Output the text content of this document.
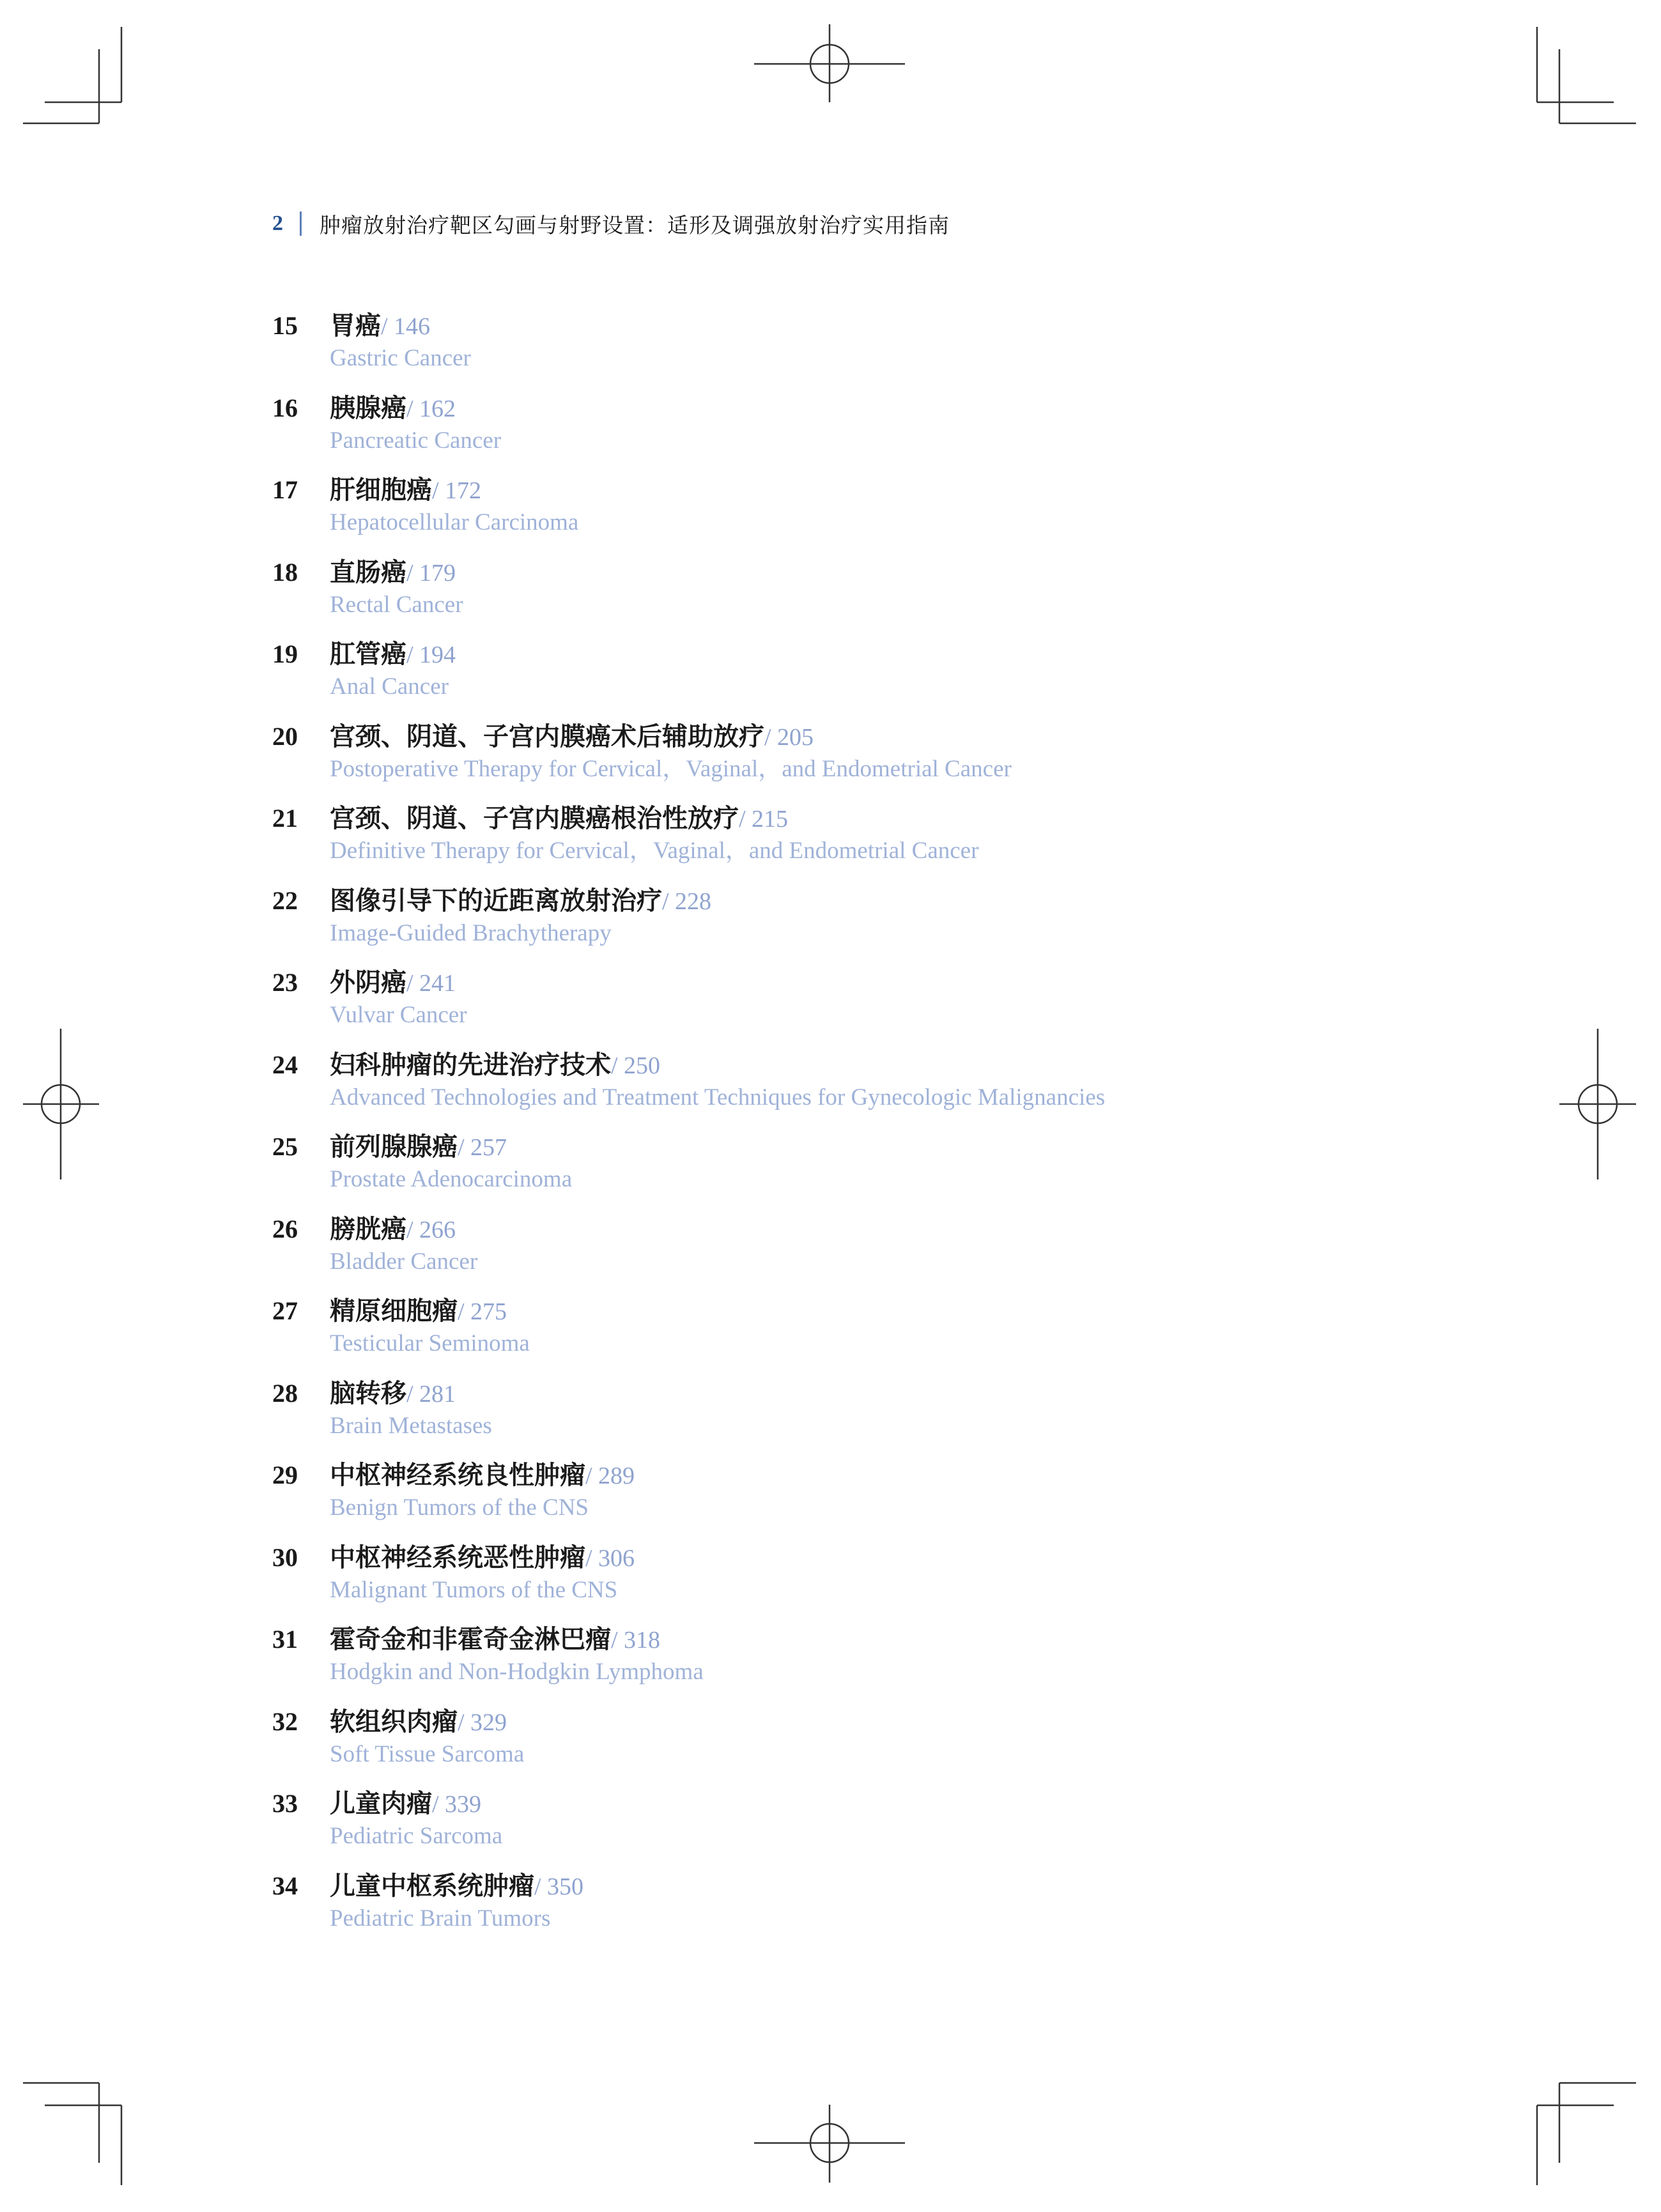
2 肿瘤放射治疗靶区勾画与射野设置：适形及调强放射治疗实用指南
15 胃癌/ 146
Gastric Cancer
16 胰腺癌/ 162
Pancreatic Cancer
17 肝细胞癌/ 172
Hepatocellular Carcinoma
18 直肠癌/ 179
Rectal Cancer
19 肛管癌/ 194
Anal Cancer
20 宫颈、阴道、子宫内膜癌术后辅助放疗/ 205
Postoperative Therapy for Cervical，Vaginal，and Endometrial Cancer
21 宫颈、阴道、子宫内膜癌根治性放疗/ 215
Definitive Therapy for Cervical，Vaginal，and Endometrial Cancer
22 图像引导下的近距离放射治疗/ 228
Image-Guided Brachytherapy
23 外阴癌/ 241
Vulvar Cancer
24 妇科肿瘤的先进治疗技术/ 250
Advanced Technologies and Treatment Techniques for Gynecologic Malignancies
25 前列腺腺癌/ 257
Prostate Adenocarcinoma
26 膀胱癌/ 266
Bladder Cancer
27 精原细胞瘤/ 275
Testicular Seminoma
28 脑转移/ 281
Brain Metastases
29 中枢神经系统良性肿瘤/ 289
Benign Tumors of the CNS
30 中枢神经系统恶性肿瘤/ 306
Malignant Tumors of the CNS
31 霍奇金和非霍奇金淋巴瘤/ 318
Hodgkin and Non-Hodgkin Lymphoma
32 软组织肉瘤/ 329
Soft Tissue Sarcoma
33 儿童肉瘤/ 339
Pediatric Sarcoma
34 儿童中枢系统肿瘤/ 350
Pediatric Brain Tumors
